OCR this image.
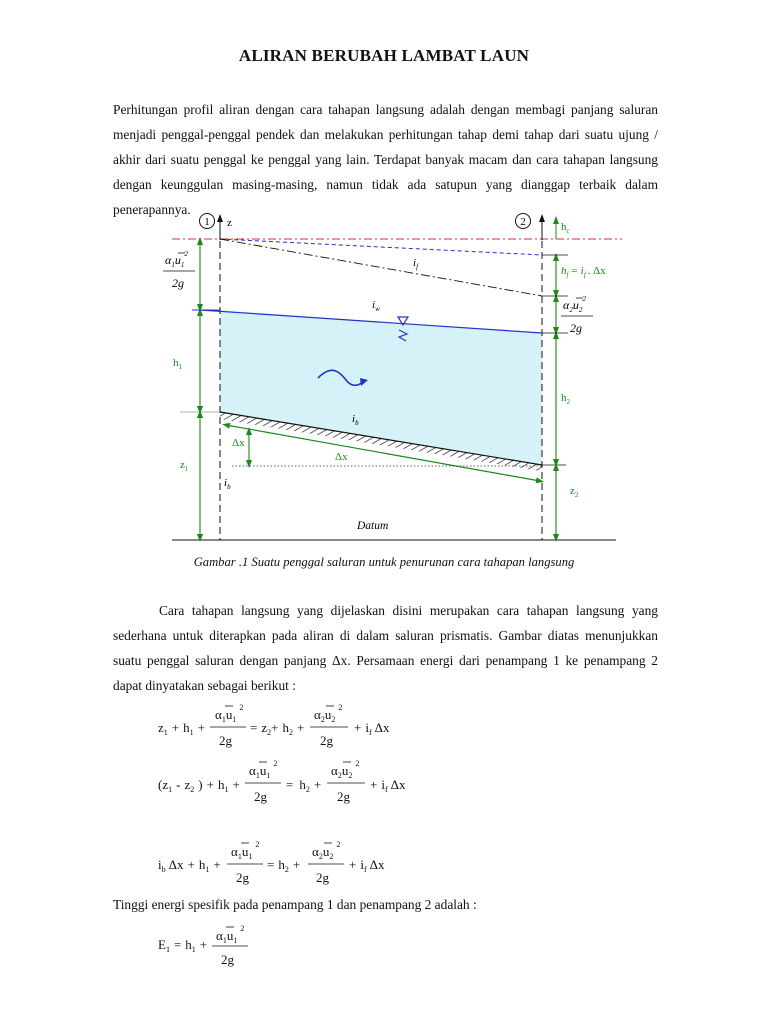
ALIRAN BERUBAH LAMBAT LAUN
Perhitungan profil aliran dengan cara tahapan langsung adalah dengan membagi panjang saluran menjadi penggal-penggal pendek dan melakukan perhitungan tahap demi tahap dari suatu ujung / akhir dari suatu penggal ke penggal yang lain. Terdapat banyak macam dan cara tahapan langsung dengan keunggulan masing-masing, namun tidak ada satupun yang dianggap terbaik dalam penerapannya.
1 z	2	$h_c$
$i_f$
$i_w$
$i_b$
Δx
Δx
$i_b$
Datum
$\alpha_1u_1^2$
2g
$h_1$
$z_1$
$h_f = i_f$ . Δx
$\alpha_2u_2^2$
2g
$h_2$
$z_2$
Gambar .1 Suatu penggal saluran untuk penurunan cara tahapan langsung
Cara tahapan langsung yang dijelaskan disini merupakan cara tahapan langsung yang sederhana untuk diterapkan pada aliran di dalam saluran prismatis. Gambar diatas menunjukkan suatu penggal saluran dengan panjang Δx. Persamaan energi dari penampang 1 ke penampang 2 dapat dinyatakan sebagai berikut :
$z_1 + h_1$ +
$\alpha_1u_1^2$
2g
= $z_2+ h_2$ +
$\alpha_2u_2^2$
2g
+ $i_f$ Δx
($z_1 - z_2$ ) + $h_1$ +
$\alpha_1u_1^2$
2g
= $h_2$ +
$\alpha_2u_2^2$
2g
+ $i_f$ Δx
$i_b$ $\Delta x + h_1$ +
$\alpha_1u_1^2$
2g
= $h_2$ +
$\alpha_2u_2^2$
2g
+ $i_f$ Δx
$E_1 = h_1$ +
$\alpha_1u_1^2$
2g
Tinggi energi spesifik pada penampang 1 dan penampang 2 adalah :
